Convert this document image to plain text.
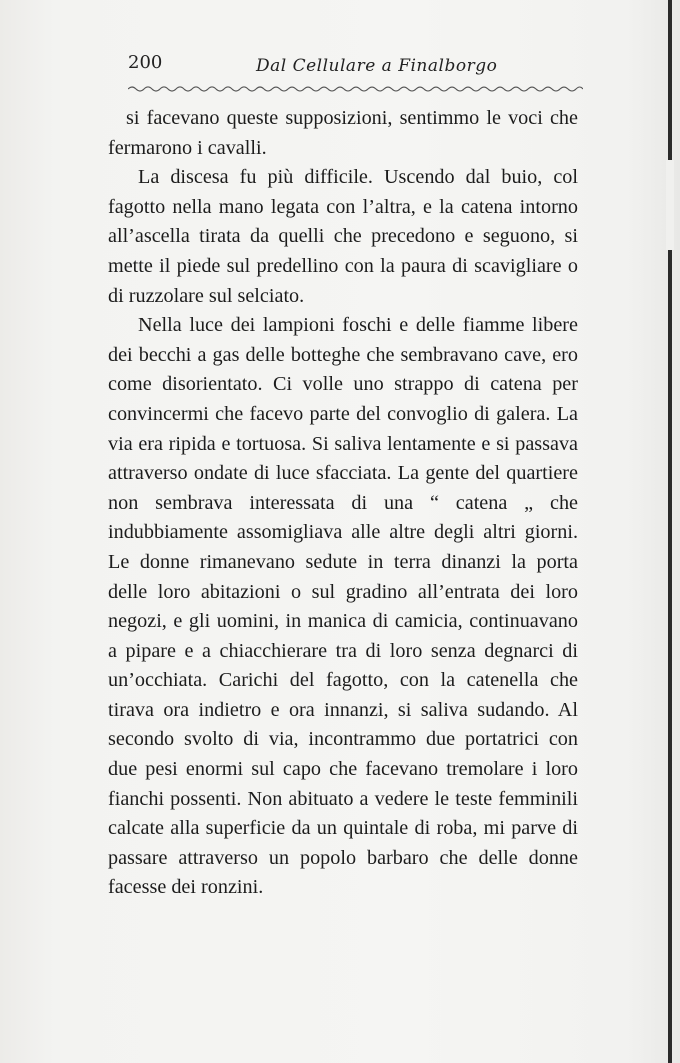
200	Dal Cellulare a Finalborgo

si facevano queste supposizioni, sentimmo le voci che fermarono i cavalli.

La discesa fu più difficile. Uscendo dal buio, col fagotto nella mano legata con l’altra, e la catena intorno all’ascella tirata da quelli che precedono e seguono, si mette il piede sul predellino con la paura di scavigliare o di ruzzolare sul selciato.

Nella luce dei lampioni foschi e delle fiamme libere dei becchi a gas delle botteghe che sembravano cave, ero come disorientato. Ci volle uno strappo di catena per convincermi che facevo parte del convoglio di galera. La via era ripida e tortuosa. Si saliva lentamente e si passava attraverso ondate di luce sfacciata. La gente del quartiere non sembrava interessata di una “ catena „ che indubbiamente assomigliava alle altre degli altri giorni. Le donne rimanevano sedute in terra dinanzi la porta delle loro abitazioni o sul gradino all’entrata dei loro negozi, e gli uomini, in manica di camicia, continuavano a pipare e a chiacchierare tra di loro senza degnarci di un’occhiata. Carichi del fagotto, con la catenella che tirava ora indietro e ora innanzi, si saliva sudando. Al secondo svolto di via, incontrammo due portatrici con due pesi enormi sul capo che facevano tremolare i loro fianchi possenti. Non abituato a vedere le teste femminili calcate alla superficie da un quintale di roba, mi parve di passare attraverso un popolo barbaro che delle donne facesse dei ronzini.
